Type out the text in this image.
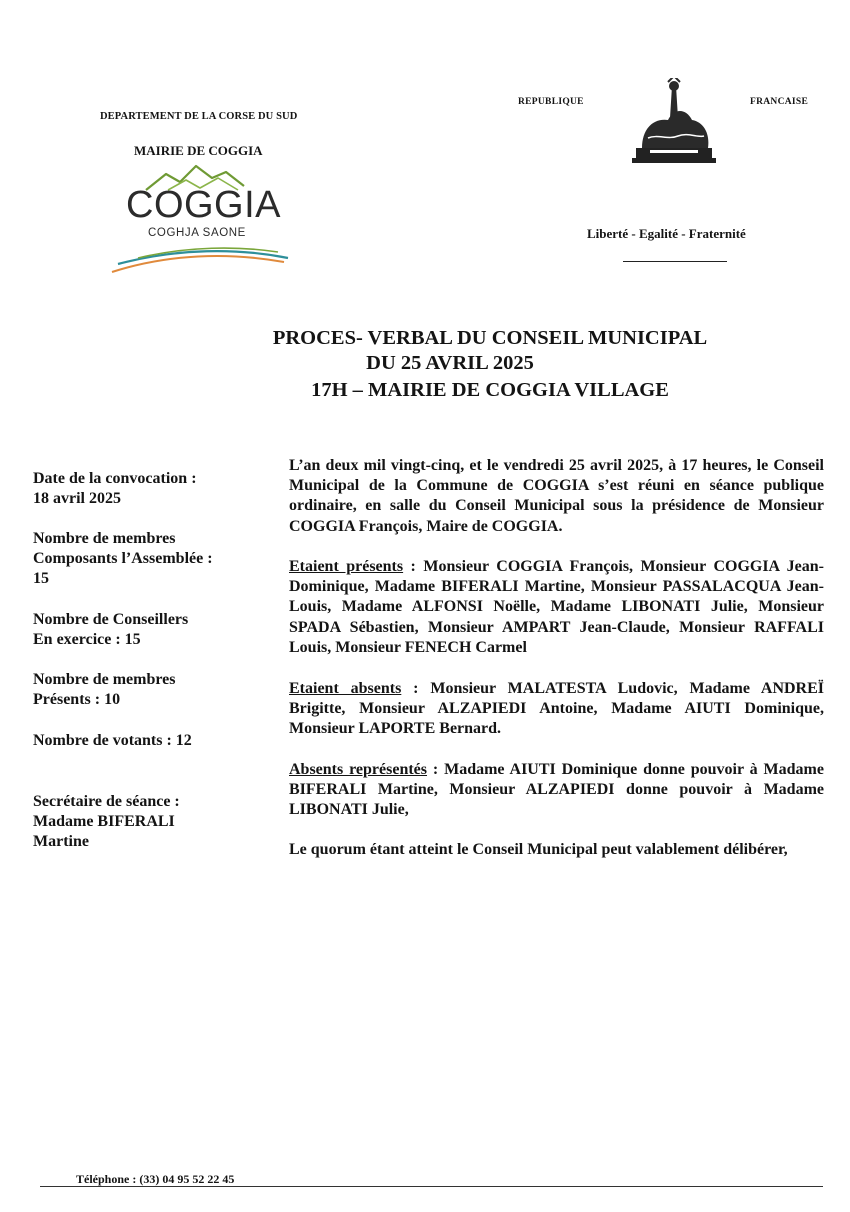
DEPARTEMENT DE LA CORSE DU SUD
MAIRIE DE COGGIA
COGGIA
COGHJA SAONE
REPUBLIQUE	FRANCAISE
Liberté - Egalité - Fraternité
PROCES- VERBAL DU CONSEIL MUNICIPAL
DU 25 AVRIL 2025
17H – MAIRIE DE COGGIA VILLAGE
Date de la convocation :
18 avril 2025
Nombre de membres
Composants l’Assemblée :
15
Nombre de Conseillers
En exercice : 15
Nombre de membres
Présents : 10
Nombre de votants : 12
Secrétaire de séance :
Madame BIFERALI
Martine
L’an deux mil vingt-cinq, et le vendredi 25 avril 2025, à 17 heures, le Conseil Municipal de la Commune de COGGIA s’est réuni en séance publique ordinaire, en salle du Conseil Municipal sous la présidence de Monsieur COGGIA François, Maire de COGGIA.
Etaient présents : Monsieur COGGIA François, Monsieur COGGIA Jean-Dominique, Madame BIFERALI Martine, Monsieur PASSALACQUA Jean-Louis, Madame ALFONSI Noëlle, Madame LIBONATI Julie, Monsieur SPADA Sébastien, Monsieur AMPART Jean-Claude, Monsieur RAFFALI Louis, Monsieur FENECH Carmel
Etaient absents : Monsieur MALATESTA Ludovic, Madame ANDREÏ Brigitte, Monsieur ALZAPIEDI Antoine, Madame AIUTI Dominique, Monsieur LAPORTE Bernard.
Absents représentés : Madame AIUTI Dominique donne pouvoir à Madame BIFERALI Martine, Monsieur ALZAPIEDI donne pouvoir à Madame LIBONATI Julie,
Le quorum étant atteint le Conseil Municipal peut valablement délibérer,
Téléphone : (33) 04 95 52 22 45
